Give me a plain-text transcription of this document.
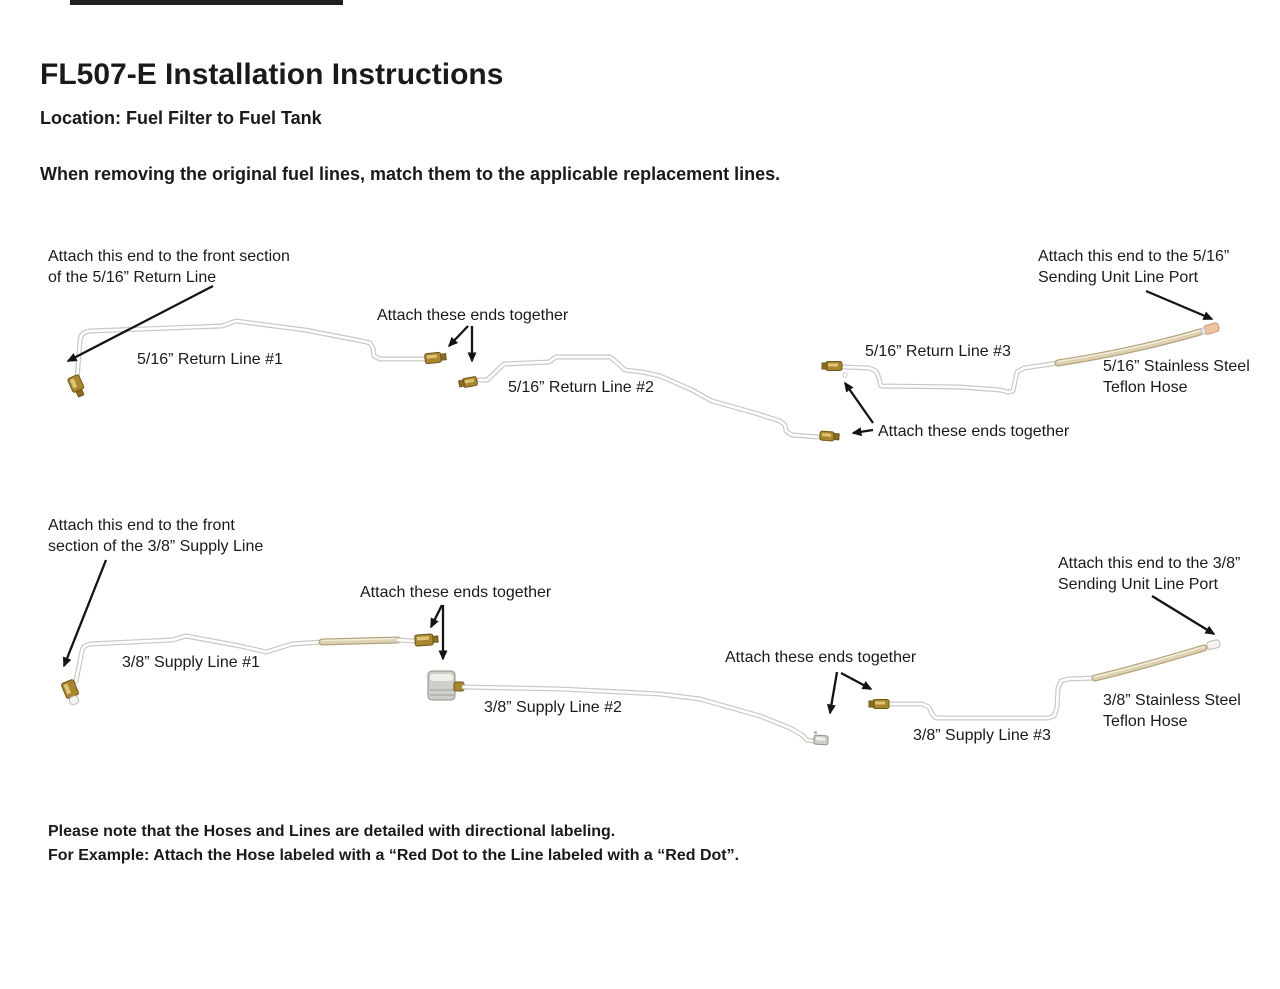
FL507-E Installation Instructions
Location: Fuel Filter to Fuel Tank
When removing the original fuel lines, match them to the applicable replacement lines.
Attach this end to the front section
of the 5/16” Return Line
Attach these ends together
5/16” Return Line #1
5/16” Return Line #2
5/16” Return Line #3
Attach these ends together
5/16” Stainless Steel
Teflon Hose
Attach this end to the 5/16”
Sending Unit Line Port
Attach this end to the front
section of the 3/8” Supply Line
3/8” Supply Line #1
Attach these ends together
3/8” Supply Line #2
Attach these ends together
3/8” Supply Line #3
Attach this end to the 3/8”
Sending Unit Line Port
3/8” Stainless Steel
Teflon Hose
Please note that the Hoses and Lines are detailed with directional labeling.
For Example: Attach the Hose labeled with a “Red Dot to the Line labeled with a “Red Dot”.
